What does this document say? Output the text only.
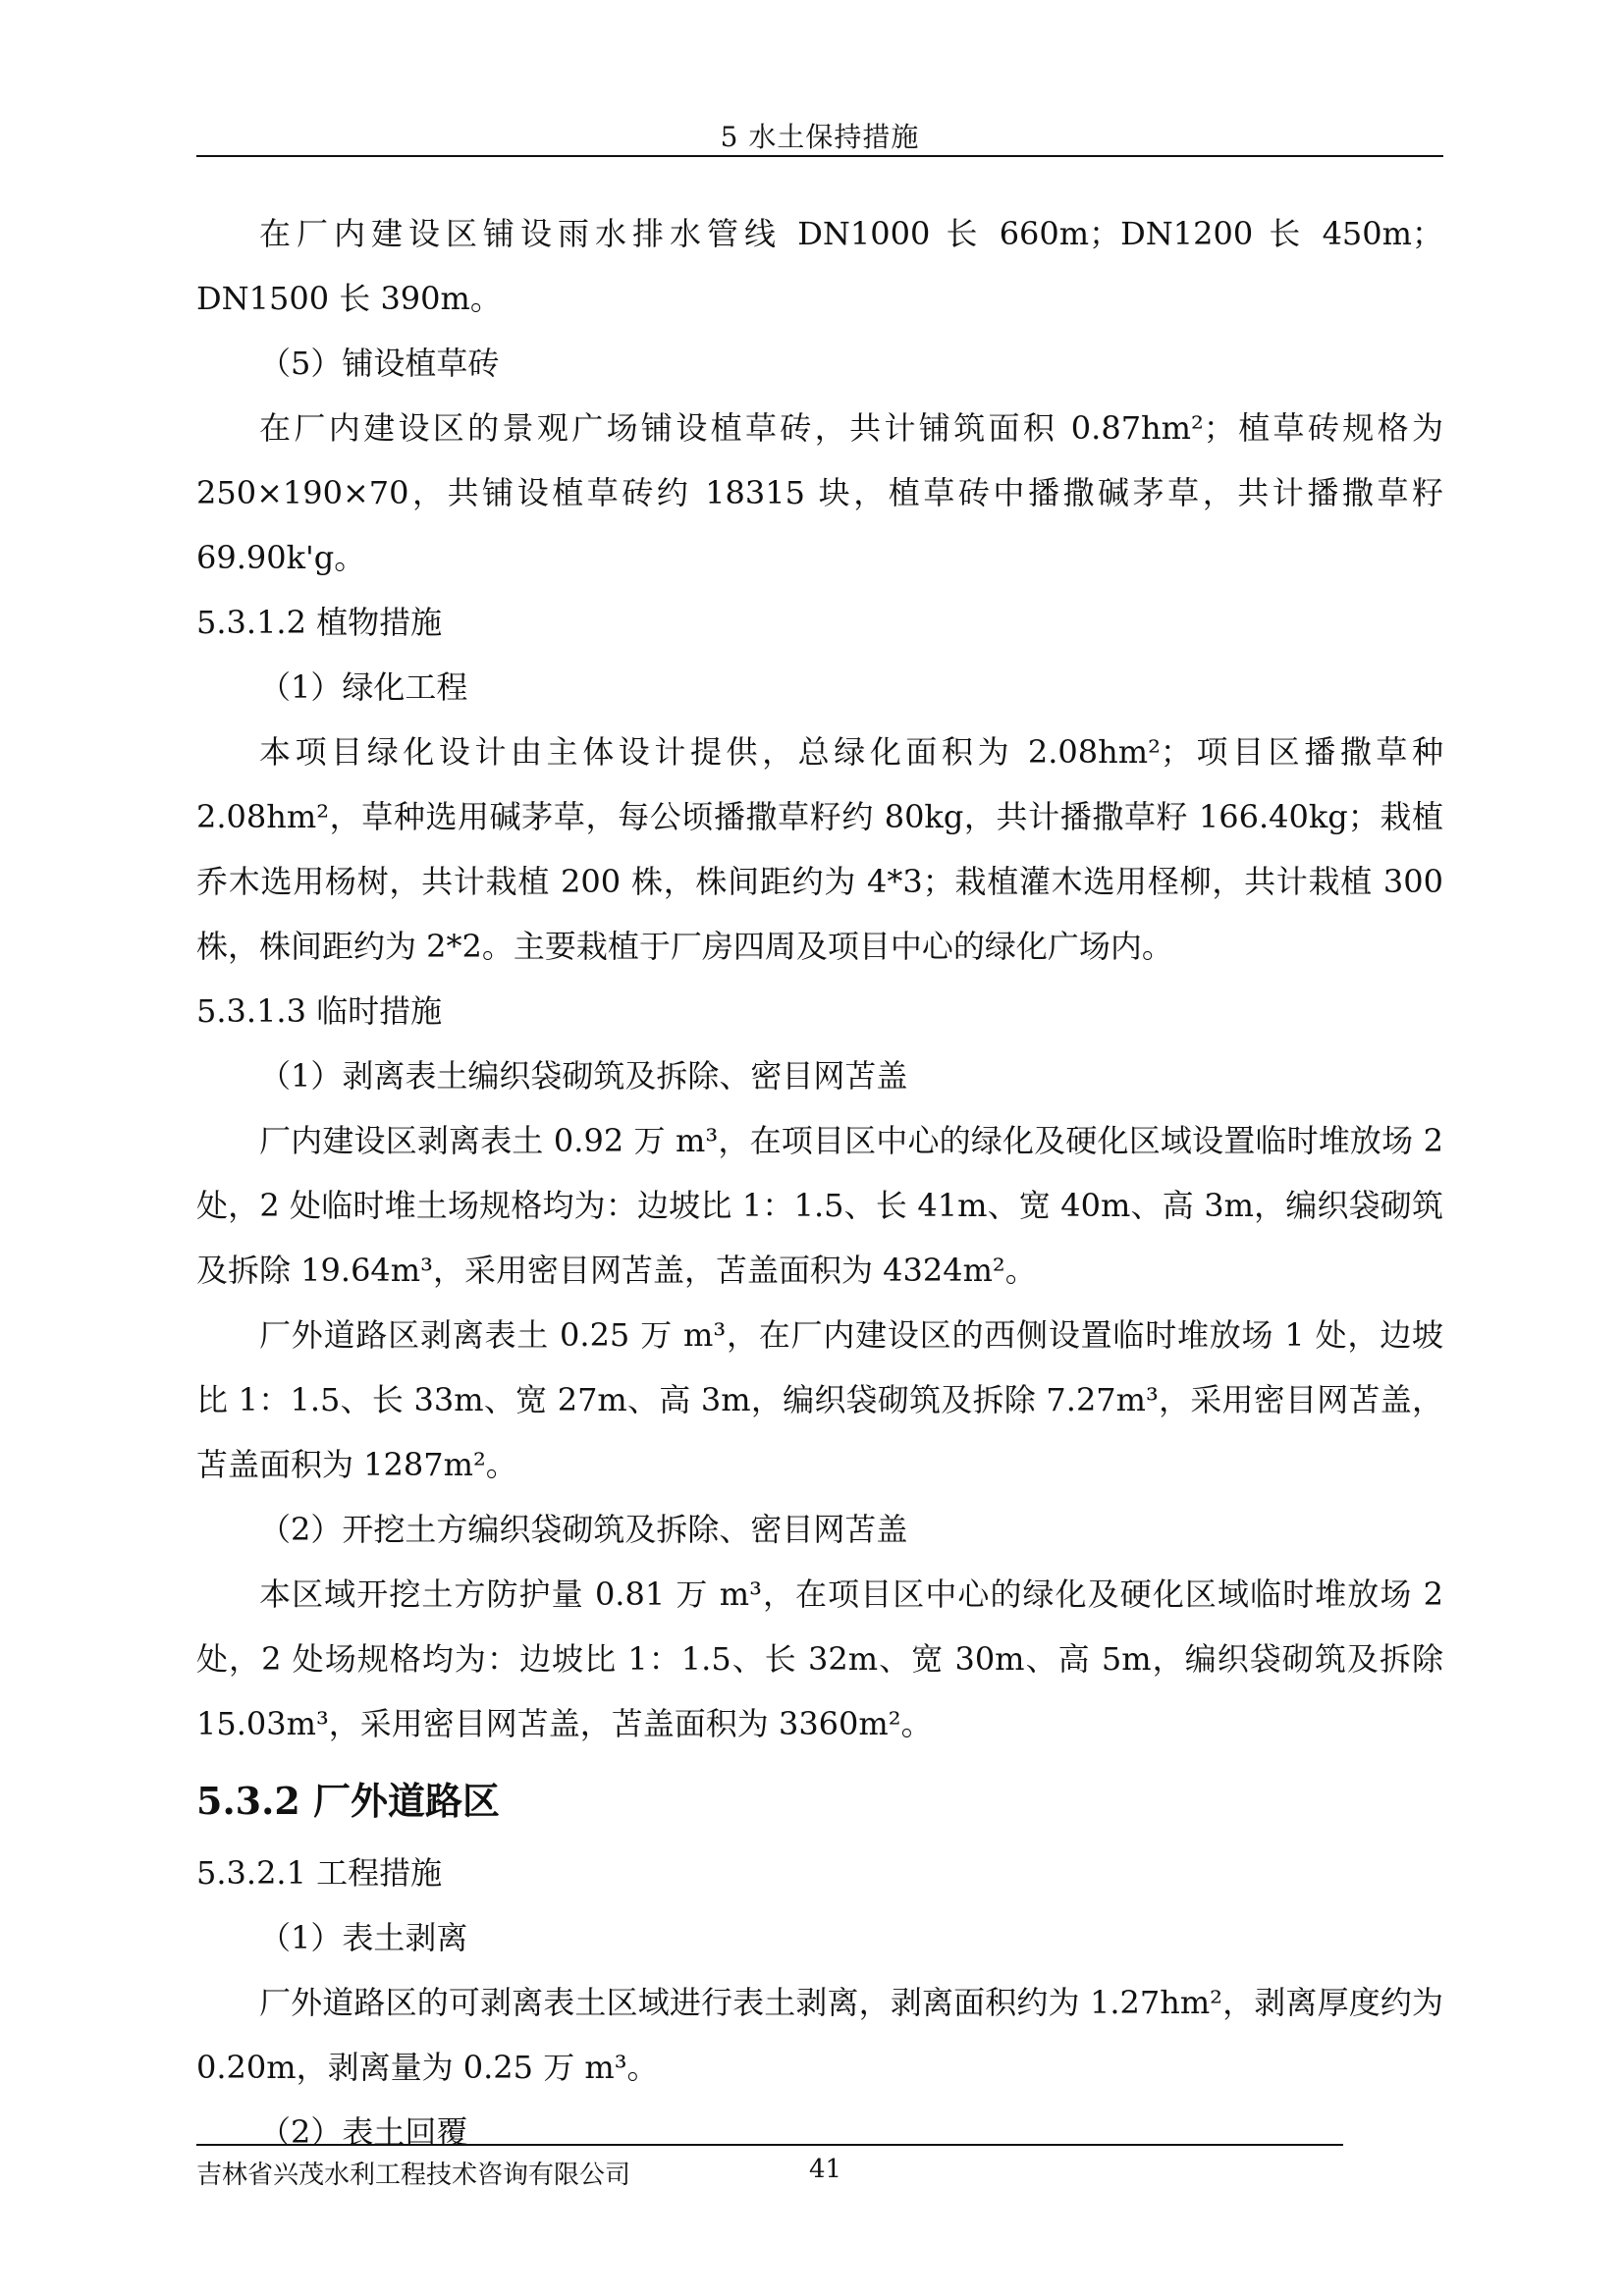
5 水土保持措施

在厂内建设区铺设雨水排水管线 DN1000 长 660m；DN1200 长 450m；DN1500 长 390m。

（5）铺设植草砖

在厂内建设区的景观广场铺设植草砖，共计铺筑面积 0.87hm²；植草砖规格为 250×190×70，共铺设植草砖约 18315 块，植草砖中播撒碱茅草，共计播撒草籽 69.90k'g。

5.3.1.2 植物措施

（1）绿化工程

本项目绿化设计由主体设计提供，总绿化面积为 2.08hm²；项目区播撒草种 2.08hm²，草种选用碱茅草，每公顷播撒草籽约 80kg，共计播撒草籽 166.40kg；栽植乔木选用杨树，共计栽植 200 株，株间距约为 4*3；栽植灌木选用柽柳，共计栽植 300 株，株间距约为 2*2。主要栽植于厂房四周及项目中心的绿化广场内。

5.3.1.3 临时措施

（1）剥离表土编织袋砌筑及拆除、密目网苫盖

厂内建设区剥离表土 0.92 万 m³，在项目区中心的绿化及硬化区域设置临时堆放场 2 处，2 处临时堆土场规格均为：边坡比 1：1.5、长 41m、宽 40m、高 3m，编织袋砌筑及拆除 19.64m³，采用密目网苫盖，苫盖面积为 4324m²。

厂外道路区剥离表土 0.25 万 m³，在厂内建设区的西侧设置临时堆放场 1 处，边坡比 1：1.5、长 33m、宽 27m、高 3m，编织袋砌筑及拆除 7.27m³，采用密目网苫盖，苫盖面积为 1287m²。

（2）开挖土方编织袋砌筑及拆除、密目网苫盖

本区域开挖土方防护量 0.81 万 m³，在项目区中心的绿化及硬化区域临时堆放场 2 处，2 处场规格均为：边坡比 1：1.5、长 32m、宽 30m、高 5m，编织袋砌筑及拆除 15.03m³，采用密目网苫盖，苫盖面积为 3360m²。

5.3.2 厂外道路区

5.3.2.1 工程措施

（1）表土剥离

厂外道路区的可剥离表土区域进行表土剥离，剥离面积约为 1.27hm²，剥离厚度约为 0.20m，剥离量为 0.25 万 m³。

（2）表土回覆

吉林省兴茂水利工程技术咨询有限公司	41
